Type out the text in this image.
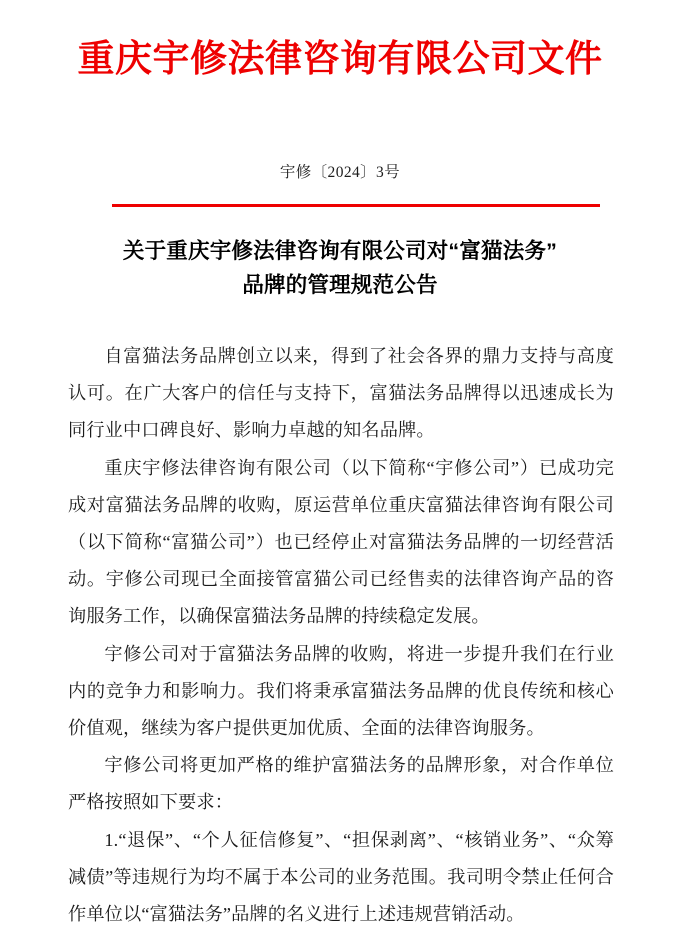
重庆宇修法律咨询有限公司文件
宇修〔2024〕3号
关于重庆宇修法律咨询有限公司对“富猫法务”
品牌的管理规范公告

自富猫法务品牌创立以来，得到了社会各界的鼎力支持与高度认可。在广大客户的信任与支持下，富猫法务品牌得以迅速成长为同行业中口碑良好、影响力卓越的知名品牌。

重庆宇修法律咨询有限公司（以下简称“宇修公司”）已成功完成对富猫法务品牌的收购，原运营单位重庆富猫法律咨询有限公司（以下简称“富猫公司”）也已经停止对富猫法务品牌的一切经营活动。宇修公司现已全面接管富猫公司已经售卖的法律咨询产品的咨询服务工作，以确保富猫法务品牌的持续稳定发展。

宇修公司对于富猫法务品牌的收购，将进一步提升我们在行业内的竞争力和影响力。我们将秉承富猫法务品牌的优良传统和核心价值观，继续为客户提供更加优质、全面的法律咨询服务。

宇修公司将更加严格的维护富猫法务的品牌形象，对合作单位严格按照如下要求：

1.“退保”、“个人征信修复”、“担保剥离”、“核销业务”、“众筹减债”等违规行为均不属于本公司的业务范围。我司明令禁止任何合作单位以“富猫法务”品牌的名义进行上述违规营销活动。
